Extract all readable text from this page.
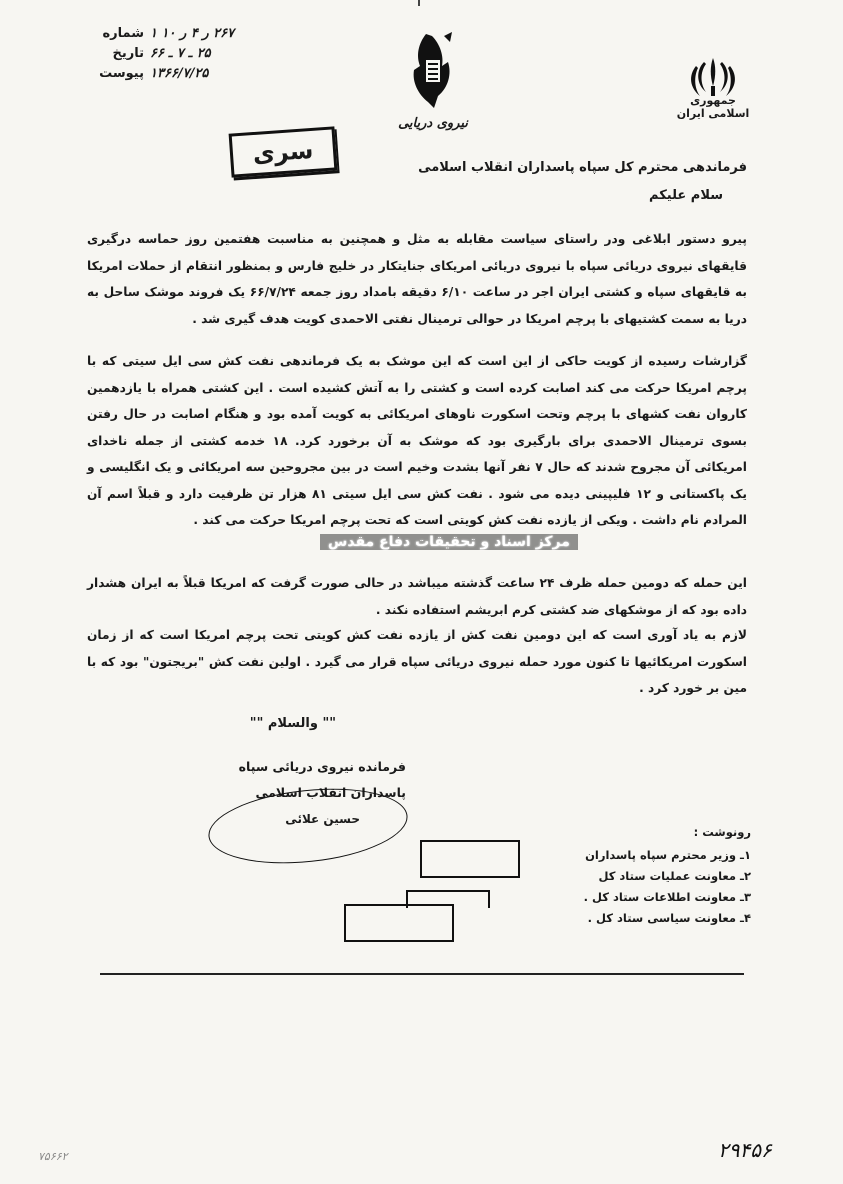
شماره ۲۶۷ ر ۴ ر ۱۰ ۱
تاریخ ۲۵ ـ ۷ ـ ۶۶
پیوست ۱۳۶۶/۷/۲۵
نیروی دریایی
جمهوری اسلامی ایران
سری	فرماندهی محترم کل سپاه پاسداران انقلاب اسلامی
سلام علیکم
پیرو دستور ابلاغی ودر راستای سیاست مقابله به مثل و همچنین به مناسبت هفتمین روز حماسه درگیری قایقهای نیروی دریائی سپاه با نیروی دریائی امریکای جنایتکار در خلیج فارس و بمنظور انتقام از حملات امریکا به قایقهای سپاه و کشتی ایران اجر در ساعت ۶/۱۰ دقیقه بامداد روز جمعه ۶۶/۷/۲۴ یک فروند موشک ساحل به دریا به سمت کشتیهای با پرچم امریکا در حوالی ترمینال نفتی الاحمدی کویت هدف گیری شد .
گزارشات رسیده از کویت حاکی از این است که این موشک به یک فرماندهی نفت کش سی ایل سیتی که با پرچم امریکا حرکت می کند اصابت کرده است و کشتی را به آتش کشیده است . این کشتی همراه با یازدهمین کاروان نفت کشهای با پرچم وتحت اسکورت ناوهای امریکائی به کویت آمده بود و هنگام اصابت در حال رفتن بسوی ترمینال الاحمدی برای بارگیری بود که موشک به آن برخورد کرد. ۱۸ خدمه کشتی از جمله ناخدای امریکائی آن مجروح شدند که حال ۷ نفر آنها بشدت وخیم است در بین مجروحین سه امریکائی و یک انگلیسی و یک پاکستانی و ۱۲ فلیپینی دیده می شود . نفت کش سی ایل سیتی ۸۱ هزار تن ظرفیت دارد و قبلاً اسم آن المرادم نام داشت . ویکی از یازده نفت کش کویتی است که تحت پرچم امریکا حرکت می کند .
این حمله که دومین حمله ظرف ۲۴ ساعت گذشته میباشد در حالی صورت گرفت که امریکا قبلاً به ایران هشدار داده بود که از موشکهای ضد کشتی کرم ابریشم استفاده نکند .
لازم به یاد آوری است که این دومین نفت کش از یازده نفت کش کویتی تحت پرچم امریکا است که از زمان اسکورت امریکائیها تا کنون مورد حمله نیروی دریائی سپاه قرار می گیرد . اولین نفت کش "بریجتون" بود که با مین بر خورد کرد .
مرکز اسناد و تحقیقات دفاع مقدس
"" والسلام ""
فرمانده نیروی دریائی سپاه
پاسداران انقلاب اسلامی
حسین علائی
رونوشت :
۱ـ وزیر محترم سپاه پاسداران
۲ـ معاونت عملیات ستاد کل
۳ـ معاونت اطلاعات ستاد کل .
۴ـ معاونت سیاسی ستاد کل .
۷۵۶۶۲	۲۹۴۵۶
